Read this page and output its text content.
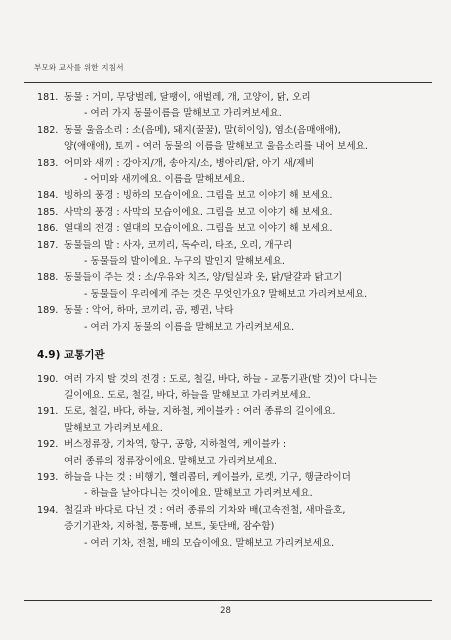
부모와 교사를 위한 지침서
181. 동물 : 거미, 무당벌레, 달팽이, 애벌레, 개, 고양이, 닭, 오리
- 여러 가지 동물이름을 말해보고 가리켜보세요.
182. 동물 울음소리 : 소(음메), 돼지(꿀꿀), 말(히이잉), 염소(음매애애),
양(애애애), 토끼 - 여러 동물의 이름을 말해보고 울음소리를 내어 보세요.
183. 어미와 새끼 : 강아지/개, 송아지/소, 병아리/닭, 아기 새/제비
- 어미와 새끼에요. 이름을 말해보세요.
184. 빙하의 풍경 : 빙하의 모습이에요. 그림을 보고 이야기 해 보세요.
185. 사막의 풍경 : 사막의 모습이에요. 그림을 보고 이야기 해 보세요.
186. 열대의 전경 : 열대의 모습이에요. 그림을 보고 이야기 해 보세요.
187. 동물들의 발 : 사자, 코끼리, 독수리, 타조, 오리, 개구리
- 동물들의 발이에요. 누구의 발인지 말해보세요.
188. 동물들이 주는 것 : 소/우유와 치즈, 양/털실과 옷, 닭/달걀과 닭고기
- 동물들이 우리에게 주는 것은 무엇인가요? 말해보고 가리켜보세요.
189. 동물 : 악어, 하마, 코끼리, 곰, 펭귄, 낙타
- 여러 가지 동물의 이름을 말해보고 가리켜보세요.
4.9) 교통기관
190. 여러 가지 탈 것의 전경 : 도로, 철길, 바다, 하늘 - 교통기관(탈 것)이 다니는
길이에요. 도로, 철길, 바다, 하늘을 말해보고 가리켜보세요.
191. 도로, 철길, 바다, 하늘, 지하철, 케이블카 : 여러 종류의 길이에요.
말해보고 가리켜보세요.
192. 버스정류장, 기차역, 항구, 공항, 지하철역, 케이블카 :
여러 종류의 정류장이에요. 말해보고 가리켜보세요.
193. 하늘을 나는 것 : 비행기, 헬리콥터, 케이블카, 로켓, 기구, 행글라이더
- 하늘을 날아다니는 것이에요. 말해보고 가리켜보세요.
194. 철길과 바다로 다닌 것 : 여러 종류의 기차와 배(고속전철, 새마을호,
증기기관차, 지하철, 통통배, 보트, 돛단배, 잠수함)
- 여러 기차, 전철, 배의 모습이에요. 말해보고 가리켜보세요.
28
